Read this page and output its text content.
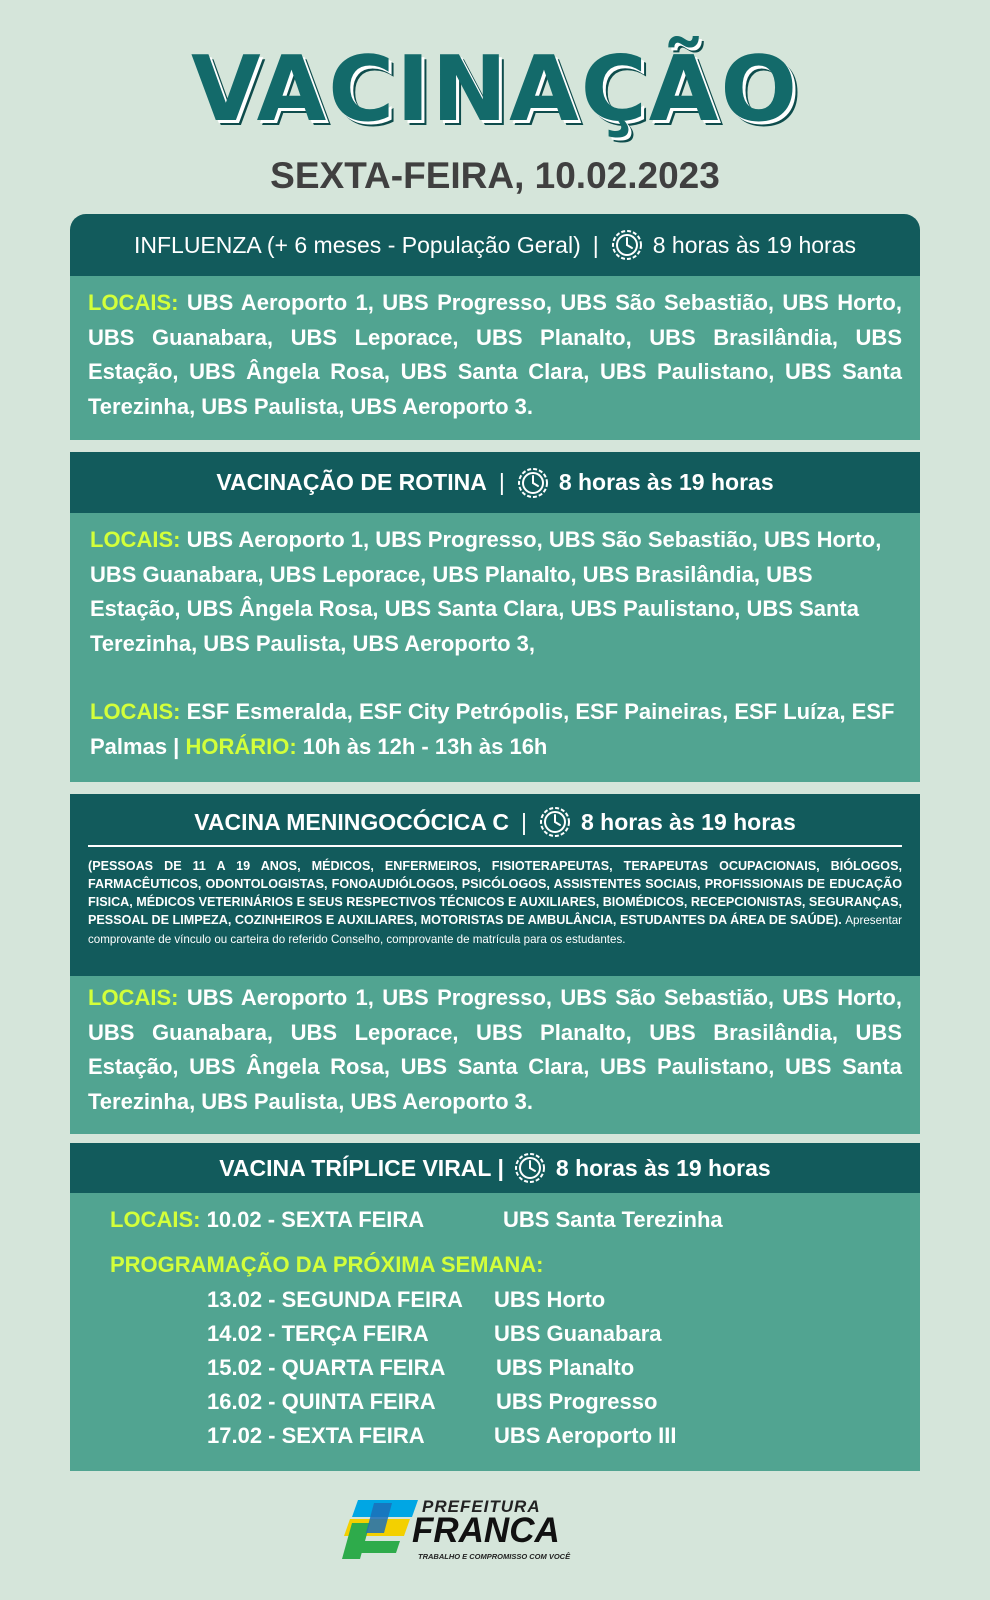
VACINAÇÃO
SEXTA-FEIRA, 10.02.2023
INFLUENZA (+ 6 meses - População Geral) | 8 horas às 19 horas
LOCAIS: UBS Aeroporto 1, UBS Progresso, UBS São Sebastião, UBS Horto, UBS Guanabara, UBS Leporace, UBS Planalto, UBS Brasilândia, UBS Estação, UBS Ângela Rosa, UBS Santa Clara, UBS Paulistano, UBS Santa Terezinha, UBS Paulista, UBS Aeroporto 3.
VACINAÇÃO DE ROTINA | 8 horas às 19 horas
LOCAIS: UBS Aeroporto 1, UBS Progresso, UBS São Sebastião, UBS Horto, UBS Guanabara, UBS Leporace, UBS Planalto, UBS Brasilândia, UBS Estação, UBS Ângela Rosa, UBS Santa Clara, UBS Paulistano, UBS Santa Terezinha, UBS Paulista, UBS Aeroporto 3,
LOCAIS: ESF Esmeralda, ESF City Petrópolis, ESF Paineiras, ESF Luíza, ESF Palmas | HORÁRIO: 10h às 12h - 13h às 16h
VACINA MENINGOCÓCICA C | 8 horas às 19 horas
(PESSOAS DE 11 A 19 ANOS, MÉDICOS, ENFERMEIROS, FISIOTERAPEUTAS, TERAPEUTAS OCUPACIONAIS, BIÓLOGOS, FARMACÊUTICOS, ODONTOLOGISTAS, FONOAUDIÓLOGOS, PSICÓLOGOS, ASSISTENTES SOCIAIS, PROFISSIONAIS DE EDUCAÇÃO FISICA, MÉDICOS VETERINÁRIOS E SEUS RESPECTIVOS TÉCNICOS E AUXILIARES, BIOMÉDICOS, RECEPCIONISTAS, SEGURANÇAS, PESSOAL DE LIMPEZA, COZINHEIROS E AUXILIARES, MOTORISTAS DE AMBULÂNCIA, ESTUDANTES DA ÁREA DE SAÚDE). Apresentar comprovante de vínculo ou carteira do referido Conselho, comprovante de matrícula para os estudantes.
LOCAIS: UBS Aeroporto 1, UBS Progresso, UBS São Sebastião, UBS Horto, UBS Guanabara, UBS Leporace, UBS Planalto, UBS Brasilândia, UBS Estação, UBS Ângela Rosa, UBS Santa Clara, UBS Paulistano, UBS Santa Terezinha, UBS Paulista, UBS Aeroporto 3.
VACINA TRÍPLICE VIRAL | 8 horas às 19 horas
LOCAIS: 10.02 - SEXTA FEIRA	UBS Santa Terezinha
PROGRAMAÇÃO DA PRÓXIMA SEMANA:
13.02 - SEGUNDA FEIRA UBS Horto
14.02 - TERÇA FEIRA	UBS Guanabara
15.02 - QUARTA FEIRA UBS Planalto
16.02 - QUINTA FEIRA	UBS Progresso
17.02 - SEXTA FEIRA	UBS Aeroporto III
PREFEITURA
FRANCA
TRABALHO E COMPROMISSO COM VOCÊ
